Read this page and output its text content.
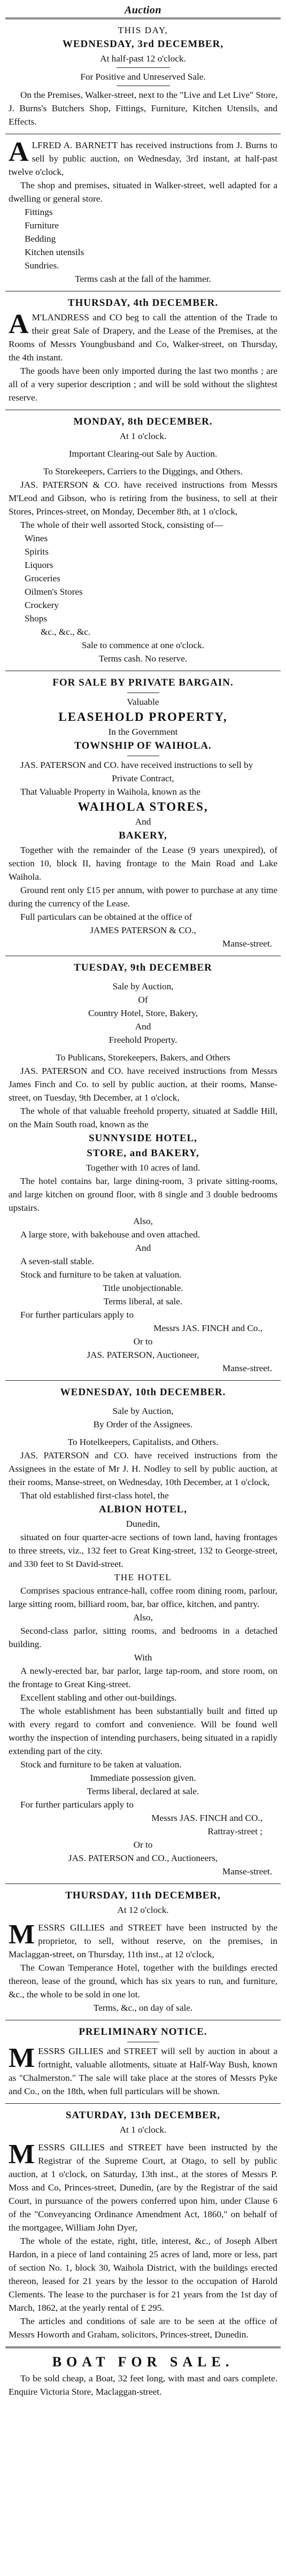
Auction

THIS DAY,

WEDNESDAY, 3rd DECEMBER,

At half-past 12 o'clock.

For Positive and Unreserved Sale.

On the Premises, Walker-street, next to the "Live and Let Live" Store, J. Burns's Butchers Shop, Fittings, Furniture, Kitchen Utensils, and Effects.

ALFRED A. BARNETT has received instructions from J. Burns to sell by public auction, on Wednesday, 3rd instant, at half-past twelve o'clock,

The shop and premises, situated in Walker-street, well adapted for a dwelling or general store.

Fittings

Furniture

Bedding

Kitchen utensils

Sundries.

Terms cash at the fall of the hammer.

THURSDAY, 4th DECEMBER.

A M'LANDRESS and CO beg to call the attention of the Trade to their great Sale of Drapery, and the Lease of the Premises, at the Rooms of Messrs Youngbusband and Co, Walker-street, on Thursday, the 4th instant.

The goods have been only imported during the last two months ; are all of a very superior description ; and will be sold without the slightest reserve.

MONDAY, 8th DECEMBER.

At 1 o'clock.

Important Clearing-out Sale by Auction.

To Storekeepers, Carriers to the Diggings, and Others.

JAS. PATERSON & CO. have received instructions from Messrs M'Leod and Gibson, who is retiring from the business, to sell at their Stores, Princes-street, on Monday, December 8th, at 1 o'clock,

The whole of their well assorted Stock, consisting of—

Wines

Spirits

Liquors

Groceries

Oilmen's Stores

Crockery

Shops

&c., &c., &c.

Sale to commence at one o'clock.

Terms cash. No reserve.

FOR SALE BY PRIVATE BARGAIN.

Valuable

LEASEHOLD PROPERTY,

In the Government

TOWNSHIP OF WAIHOLA.

JAS. PATERSON and CO. have received instructions to sell by

Private Contract,

That Valuable Property in Waihola, known as the

WAIHOLA STORES,

And

BAKERY,

Together with the remainder of the Lease (9 years unexpired), of section 10, block II, having frontage to the Main Road and Lake Waihola.

Ground rent only £15 per annum, with power to purchase at any time during the currency of the Lease.

Full particulars can be obtained at the office of

JAMES PATERSON & CO.,

Manse-street.

TUESDAY, 9th DECEMBER

Sale by Auction,

Of

Country Hotel, Store, Bakery,

And

Freehold Property.

To Publicans, Storekeepers, Bakers, and Others

JAS. PATERSON and CO. have received instructions from Messrs James Finch and Co. to sell by public auction, at their rooms, Manse-street, on Tuesday, 9th December, at 1 o'clock,

The whole of that valuable freehold property, situated at Saddle Hill, on the Main South road, known as the

SUNNYSIDE HOTEL,

STORE, and BAKERY,

Together with 10 acres of land.

The hotel contains bar, large dining-room, 3 private sitting-rooms, and large kitchen on ground floor, with 8 single and 3 double bedrooms upstairs.

Also,

A large store, with bakehouse and oven attached.

And

A seven-stall stable.

Stock and furniture to be taken at valuation.

Title unobjectionable.

Terms liberal, at sale.

For further particulars apply to

Messrs JAS. FINCH and Co.,

Or to

JAS. PATERSON, Auctioneer,

Manse-street.

WEDNESDAY, 10th DECEMBER.

Sale by Auction,

By Order of the Assignees.

To Hotelkeepers, Capitalists, and Others.

JAS. PATERSON and CO. have received instructions from the Assignees in the estate of Mr J. H. Nodley to sell by public auction, at their rooms, Manse-street, on Wednesday, 10th December, at 1 o'clock,

That old established first-class hotel, the

ALBION HOTEL,

Dunedin,

situated on four quarter-acre sections of town land, having frontages to three streets, viz., 132 feet to Great King-street, 132 to George-street, and 330 feet to St David-street.

THE HOTEL

Comprises spacious entrance-hall, coffee room dining room, parlour, large sitting room, billiard room, bar, bar office, kitchen, and pantry.

Also,

Second-class parlor, sitting rooms, and bedrooms in a detached building.

With

A newly-erected bar, bar parlor, large tap-room, and store room, on the frontage to Great King-street.

Excellent stabling and other out-buildings.

The whole establishment has been substantially built and fitted up with every regard to comfort and convenience. Will be found well worthy the inspection of intending purchasers, being situated in a rapidly extending part of the city.

Stock and furniture to be taken at valuation.

Immediate possession given.

Terms liberal, declared at sale.

For further particulars apply to

Messrs JAS. FINCH and CO.,

Rattray-street ;

Or to

JAS. PATERSON and CO., Auctioneers,

Manse-street.

THURSDAY, 11th DECEMBER,

At 12 o'clock.

MESSRS GILLIES and STREET have been instructed by the proprietor, to sell, without reserve, on the premises, in Maclaggan-street, on Thursday, 11th inst., at 12 o'clock,

The Cowan Temperance Hotel, together with the buildings erected thereon, lease of the ground, which has six years to run, and furniture, &c., the whole to be sold in one lot.

Terms, &c., on day of sale.

PRELIMINARY NOTICE.

MESSRS GILLIES and STREET will sell by auction in about a fortnight, valuable allotments, situate at Half-Way Bush, known as "Chalmerston." The sale will take place at the stores of Messrs Pyke and Co., on the 18th, when full particulars will be shown.

SATURDAY, 13th DECEMBER,

At 1 o'clock.

MESSRS GILLIES and STREET have been instructed by the Registrar of the Supreme Court, at Otago, to sell by public auction, at 1 o'clock, on Saturday, 13th inst., at the stores of Messrs P. Moss and Co, Princes-street, Dunedin, (are by the Registrar of the said Court, in pursuance of the powers conferred upon him, under Clause 6 of the "Conveyancing Ordinance Amendment Act, 1860," on behalf of the mortgagee, William John Dyer,

The whole of the estate, right, title, interest, &c., of Joseph Albert Hardon, in a piece of land containing 25 acres of land, more or less, part of section No. 1, block 30, Waihola District, with the buildings erected thereon, leased for 21 years by the lessor to the occupation of Harold Clements. The lease to the purchaser is for 21 years from the 1st day of March, 1862, at the yearly rental of £ 295.

The articles and conditions of sale are to be seen at the office of Messrs Howorth and Graham, solicitors, Princes-street, Dunedin.

BOAT FOR SALE.

To be sold cheap, a Boat, 32 feet long, with mast and oars complete. Enquire Victoria Store, Maclaggan-street.
